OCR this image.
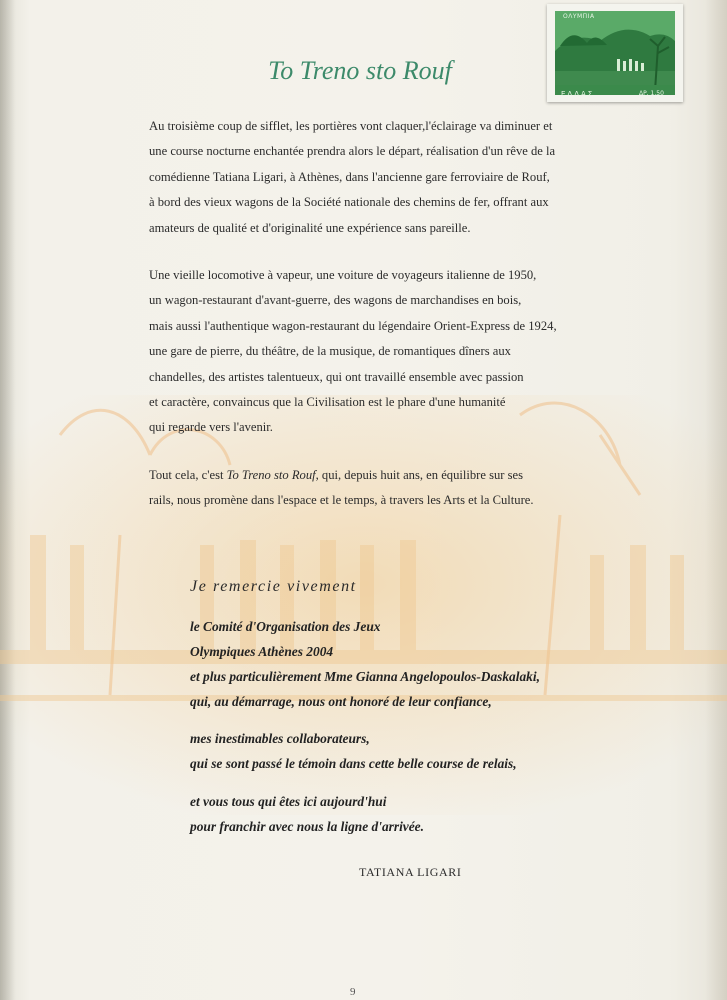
ΟΛΥΜΠΙΑ
ΕΛΛΑΣ	ΔΡ. 1.50
To Treno sto Rouf

Au troisième coup de sifflet, les portières vont claquer,l'éclairage va diminuer et
une course nocturne enchantée prendra alors le départ, réalisation d'un rêve de la
comédienne Tatiana Ligari, à Athènes, dans l'ancienne gare ferroviaire de Rouf,
à bord des vieux wagons de la Société nationale des chemins de fer, offrant aux
amateurs de qualité et d'originalité une expérience sans pareille.

Une vieille locomotive à vapeur, une voiture de voyageurs italienne de 1950,
un wagon-restaurant d'avant-guerre, des wagons de marchandises en bois,
mais aussi l'authentique wagon-restaurant du légendaire Orient-Express de 1924,
une gare de pierre, du théâtre, de la musique, de romantiques dîners aux
chandelles, des artistes talentueux, qui ont travaillé ensemble avec passion
et caractère, convaincus que la Civilisation est le phare d'une humanité
qui regarde vers l'avenir.

Tout cela, c'est To Treno sto Rouf, qui, depuis huit ans, en équilibre sur ses
rails, nous promène dans l'espace et le temps, à travers les Arts et la Culture.

Je remercie vivement

le Comité d'Organisation des Jeux
Olympiques Athènes 2004
et plus particulièrement Mme Gianna Angelopoulos-Daskalaki,
qui, au démarrage, nous ont honoré de leur confiance,

mes inestimables collaborateurs,
qui se sont passé le témoin dans cette belle course de relais,

et vous tous qui êtes ici aujourd'hui
pour franchir avec nous la ligne d'arrivée.

TATIANA LIGARI

9
